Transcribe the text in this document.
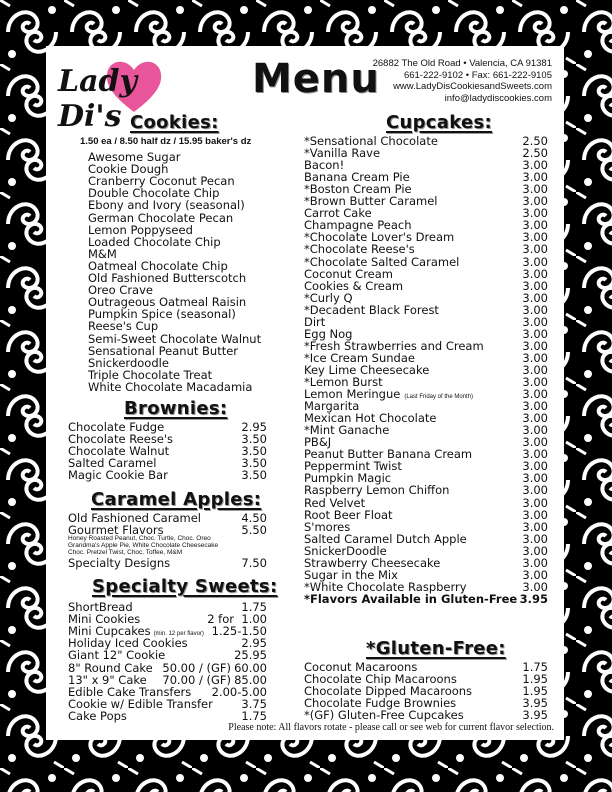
Lady Di's
Menu
26882 The Old Road • Valencia, CA 91381
661-222-9102 • Fax: 661-222-9105
www.LadyDisCookiesandSweets.com
info@ladydiscookies.com
Cookies:
1.50 ea / 8.50 half dz / 15.95 baker's dz
Awesome Sugar
Cookie Dough
Cranberry Coconut Pecan
Double Chocolate Chip
Ebony and Ivory (seasonal)
German Chocolate Pecan
Lemon Poppyseed
Loaded Chocolate Chip
M&M
Oatmeal Chocolate Chip
Old Fashioned Butterscotch
Oreo Crave
Outrageous Oatmeal Raisin
Pumpkin Spice (seasonal)
Reese's Cup
Semi-Sweet Chocolate Walnut
Sensational Peanut Butter
Snickerdoodle
Triple Chocolate Treat
White Chocolate Macadamia
Brownies:
Chocolate Fudge	2.95
Chocolate Reese's	3.50
Chocolate Walnut	3.50
Salted Caramel	3.50
Magic Cookie Bar	3.50
Caramel Apples:
Old Fashioned Caramel	4.50
Gourmet Flavors	5.50
Honey Roasted Peanut, Choc. Turtle, Choc. Oreo
Grandma's Apple Pie, White Chocolate Cheesecake
Choc. Pretzel Twist, Choc. Toffee, M&M
Specialty Designs	7.50
Specialty Sweets:
ShortBread	1.75
Mini Cookies	2 for 1.00
Mini Cupcakes (min. 12 per flavor) 1.25-1.50
Holiday Iced Cookies	2.95
Giant 12" Cookie	25.95
8" Round Cake 50.00 / (GF) 60.00
13" x 9" Cake 70.00 / (GF) 85.00
Edible Cake Transfers 2.00-5.00
Cookie w/ Edible Transfer 3.75
Cake Pops	1.75
Cupcakes:
*Sensational Chocolate	2.50
*Vanilla Rave	2.50
Bacon!	3.00
Banana Cream Pie	3.00
*Boston Cream Pie	3.00
*Brown Butter Caramel	3.00
Carrot Cake	3.00
Champagne Peach	3.00
*Chocolate Lover's Dream	3.00
*Chocolate Reese's	3.00
*Chocolate Salted Caramel	3.00
Coconut Cream	3.00
Cookies & Cream	3.00
*Curly Q	3.00
*Decadent Black Forest	3.00
Dirt	3.00
Egg Nog	3.00
*Fresh Strawberries and Cream	3.00
*Ice Cream Sundae	3.00
Key Lime Cheesecake	3.00
*Lemon Burst	3.00
Lemon Meringue (Last Friday of the Month)	3.00
Margarita	3.00
Mexican Hot Chocolate	3.00
*Mint Ganache	3.00
PB&J	3.00
Peanut Butter Banana Cream	3.00
Peppermint Twist	3.00
Pumpkin Magic	3.00
Raspberry Lemon Chiffon	3.00
Red Velvet	3.00
Root Beer Float	3.00
S'mores	3.00
Salted Caramel Dutch Apple	3.00
SnickerDoodle	3.00
Strawberry Cheesecake	3.00
Sugar in the Mix	3.00
*White Chocolate Raspberry	3.00
*Flavors Available in Gluten-Free 3.95
*Gluten-Free:
Coconut Macaroons	1.75
Chocolate Chip Macaroons	1.95
Chocolate Dipped Macaroons	1.95
Chocolate Fudge Brownies	3.95
*(GF) Gluten-Free Cupcakes	3.95
Please note: All flavors rotate - please call or see web for current flavor selection.
